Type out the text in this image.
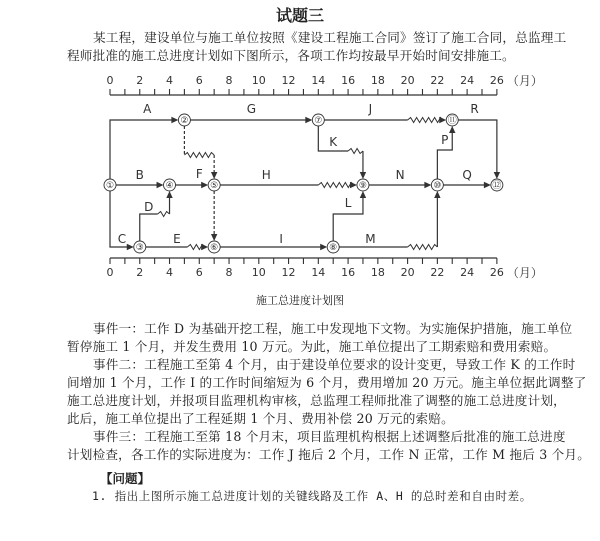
试题三
某工程，建设单位与施工单位按照《建设工程施工合同》签订了施工合同，总监理工
程师批准的施工总进度计划如下图所示，各项工作均按最早开始时间安排施工。
0 2 4 6 8 10 12 14 16 18 20 22 24 26 （月）
0 2 4 6 8 10 12 14 16 18 20 22 24 26 （月）
A	G	J	R
K
B	F	H	N	Q
P
C
D
E	I
L
M
①
②
③
④	⑤
⑥
⑦
⑧
⑨	⑩
⑪
⑫
施工总进度计划图
事件一：工作 D 为基础开挖工程，施工中发现地下文物。为实施保护措施，施工单位
暂停施工 1 个月，并发生费用 10 万元。为此，施工单位提出了工期索赔和费用索赔。
事件二：工程施工至第 4 个月，由于建设单位要求的设计变更，导致工作 K 的工作时
间增加 1 个月，工作 I 的工作时间缩短为 6 个月，费用增加 20 万元。施主单位据此调整了
施工总进度计划，并报项目监理机构审核，总监理工程师批准了调整的施工总进度计划，
此后，施工单位提出了工程延期 1 个月、费用补偿 20 万元的索赔。
事件三：工程施工至第 18 个月末，项目监理机构根据上述调整后批准的施工总进度
计划检查，各工作的实际进度为：工作 J 拖后 2 个月，工作 N 正常，工作 M 拖后 3 个月。
【问题】
1. 指出上图所示施工总进度计划的关键线路及工作 A、H 的总时差和自由时差。
